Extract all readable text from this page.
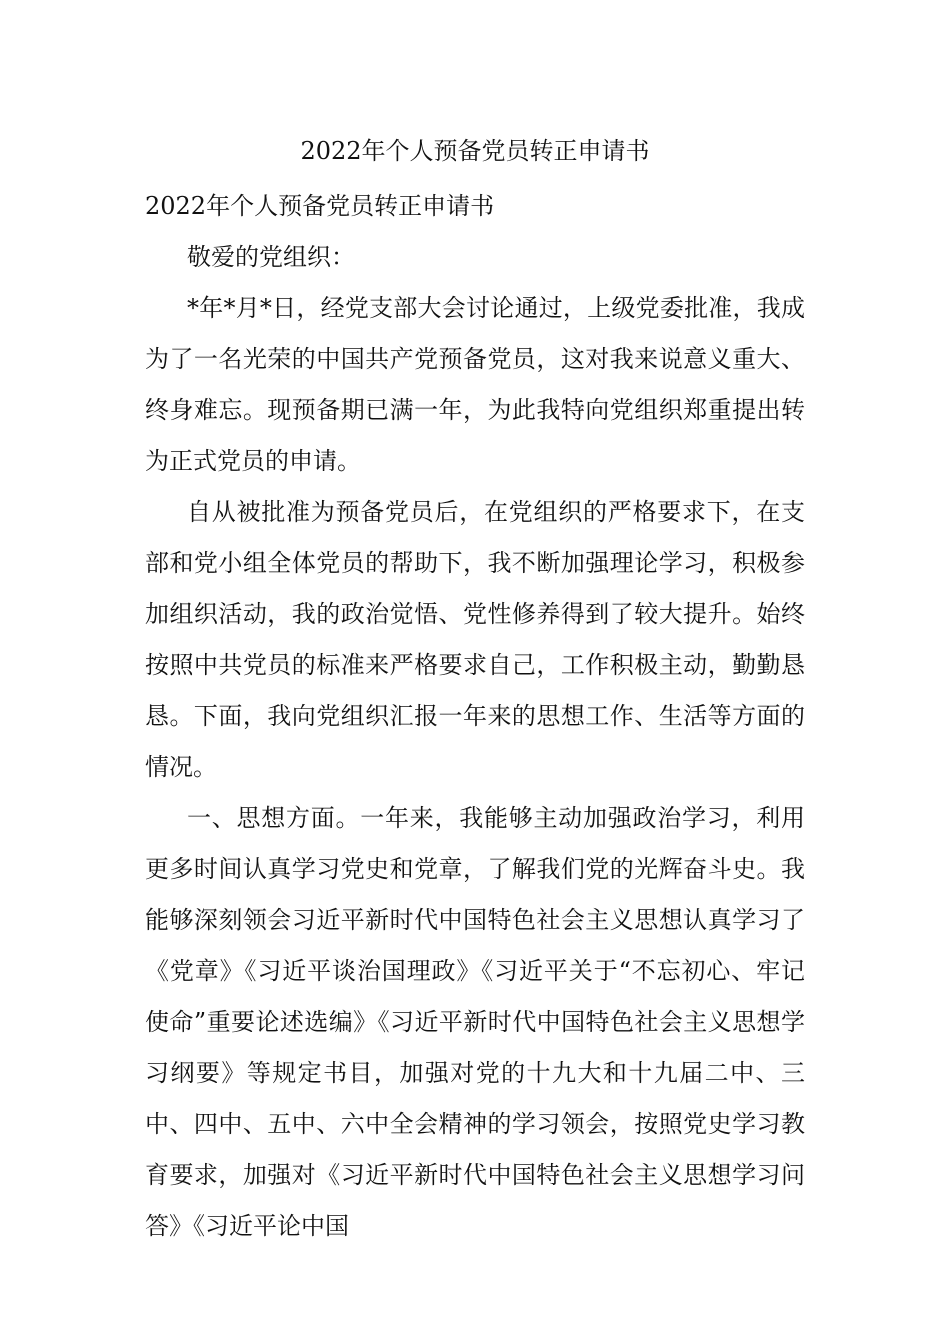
2022年个人预备党员转正申请书

2022年个人预备党员转正申请书

敬爱的党组织：

*年*月*日，经党支部大会讨论通过，上级党委批准，我成为了一名光荣的中国共产党预备党员，这对我来说意义重大、终身难忘。现预备期已满一年，为此我特向党组织郑重提出转为正式党员的申请。

自从被批准为预备党员后，在党组织的严格要求下，在支部和党小组全体党员的帮助下，我不断加强理论学习，积极参加组织活动，我的政治觉悟、党性修养得到了较大提升。始终按照中共党员的标准来严格要求自己，工作积极主动，勤勤恳恳。下面，我向党组织汇报一年来的思想工作、生活等方面的情况。

一、思想方面。一年来，我能够主动加强政治学习，利用更多时间认真学习党史和党章，了解我们党的光辉奋斗史。我能够深刻领会习近平新时代中国特色社会主义思想认真学习了《党章》《习近平谈治国理政》《习近平关于“不忘初心、牢记使命”重要论述选编》《习近平新时代中国特色社会主义思想学习纲要》等规定书目，加强对党的十九大和十九届二中、三中、四中、五中、六中全会精神的学习领会，按照党史学习教育要求，加强对《习近平新时代中国特色社会主义思想学习问答》《习近平论中国
